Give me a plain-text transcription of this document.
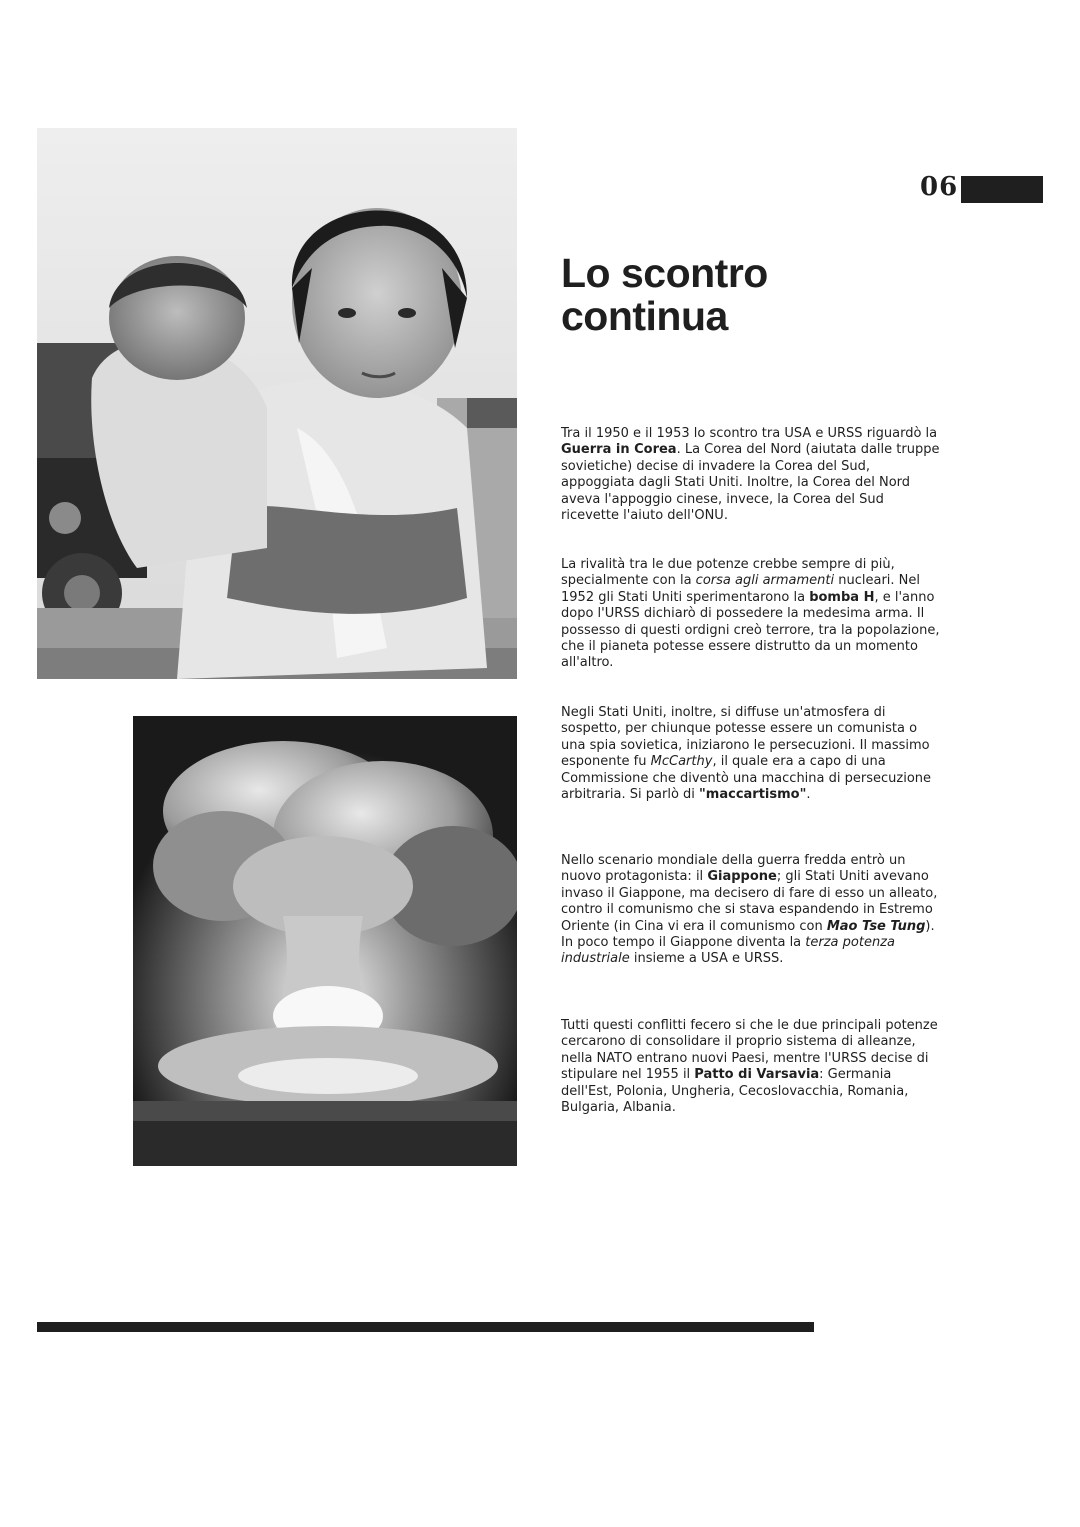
06
Lo scontro
continua

Tra il 1950 e il 1953 lo scontro tra USA e URSS riguardò la Guerra in Corea. La Corea del Nord (aiutata dalle truppe sovietiche) decise di invadere la Corea del Sud, appoggiata dagli Stati Uniti. Inoltre, la Corea del Nord aveva l'appoggio cinese, invece, la Corea del Sud ricevette l'aiuto dell'ONU.

La rivalità tra le due potenze crebbe sempre di più, specialmente con la corsa agli armamenti nucleari. Nel 1952 gli Stati Uniti sperimentarono la bomba H, e l'anno dopo l'URSS dichiarò di possedere la medesima arma. Il possesso di questi ordigni creò terrore, tra la popolazione, che il pianeta potesse essere distrutto da un momento all'altro.

Negli Stati Uniti, inoltre, si diffuse un'atmosfera di sospetto, per chiunque potesse essere un comunista o una spia sovietica, iniziarono le persecuzioni. Il massimo esponente fu McCarthy, il quale era a capo di una Commissione che diventò una macchina di persecuzione arbitraria. Si parlò di "maccartismo".

Nello scenario mondiale della guerra fredda entrò un nuovo protagonista: il Giappone; gli Stati Uniti avevano invaso il Giappone, ma decisero di fare di esso un alleato, contro il comunismo che si stava espandendo in Estremo Oriente (in Cina vi era il comunismo con Mao Tse Tung). In poco tempo il Giappone diventa la terza potenza industriale insieme a USA e URSS.

Tutti questi conflitti fecero si che le due principali potenze cercarono di consolidare il proprio sistema di alleanze, nella NATO entrano nuovi Paesi, mentre l'URSS decise di stipulare nel 1955 il Patto di Varsavia: Germania dell'Est, Polonia, Ungheria, Cecoslovacchia, Romania, Bulgaria, Albania.
